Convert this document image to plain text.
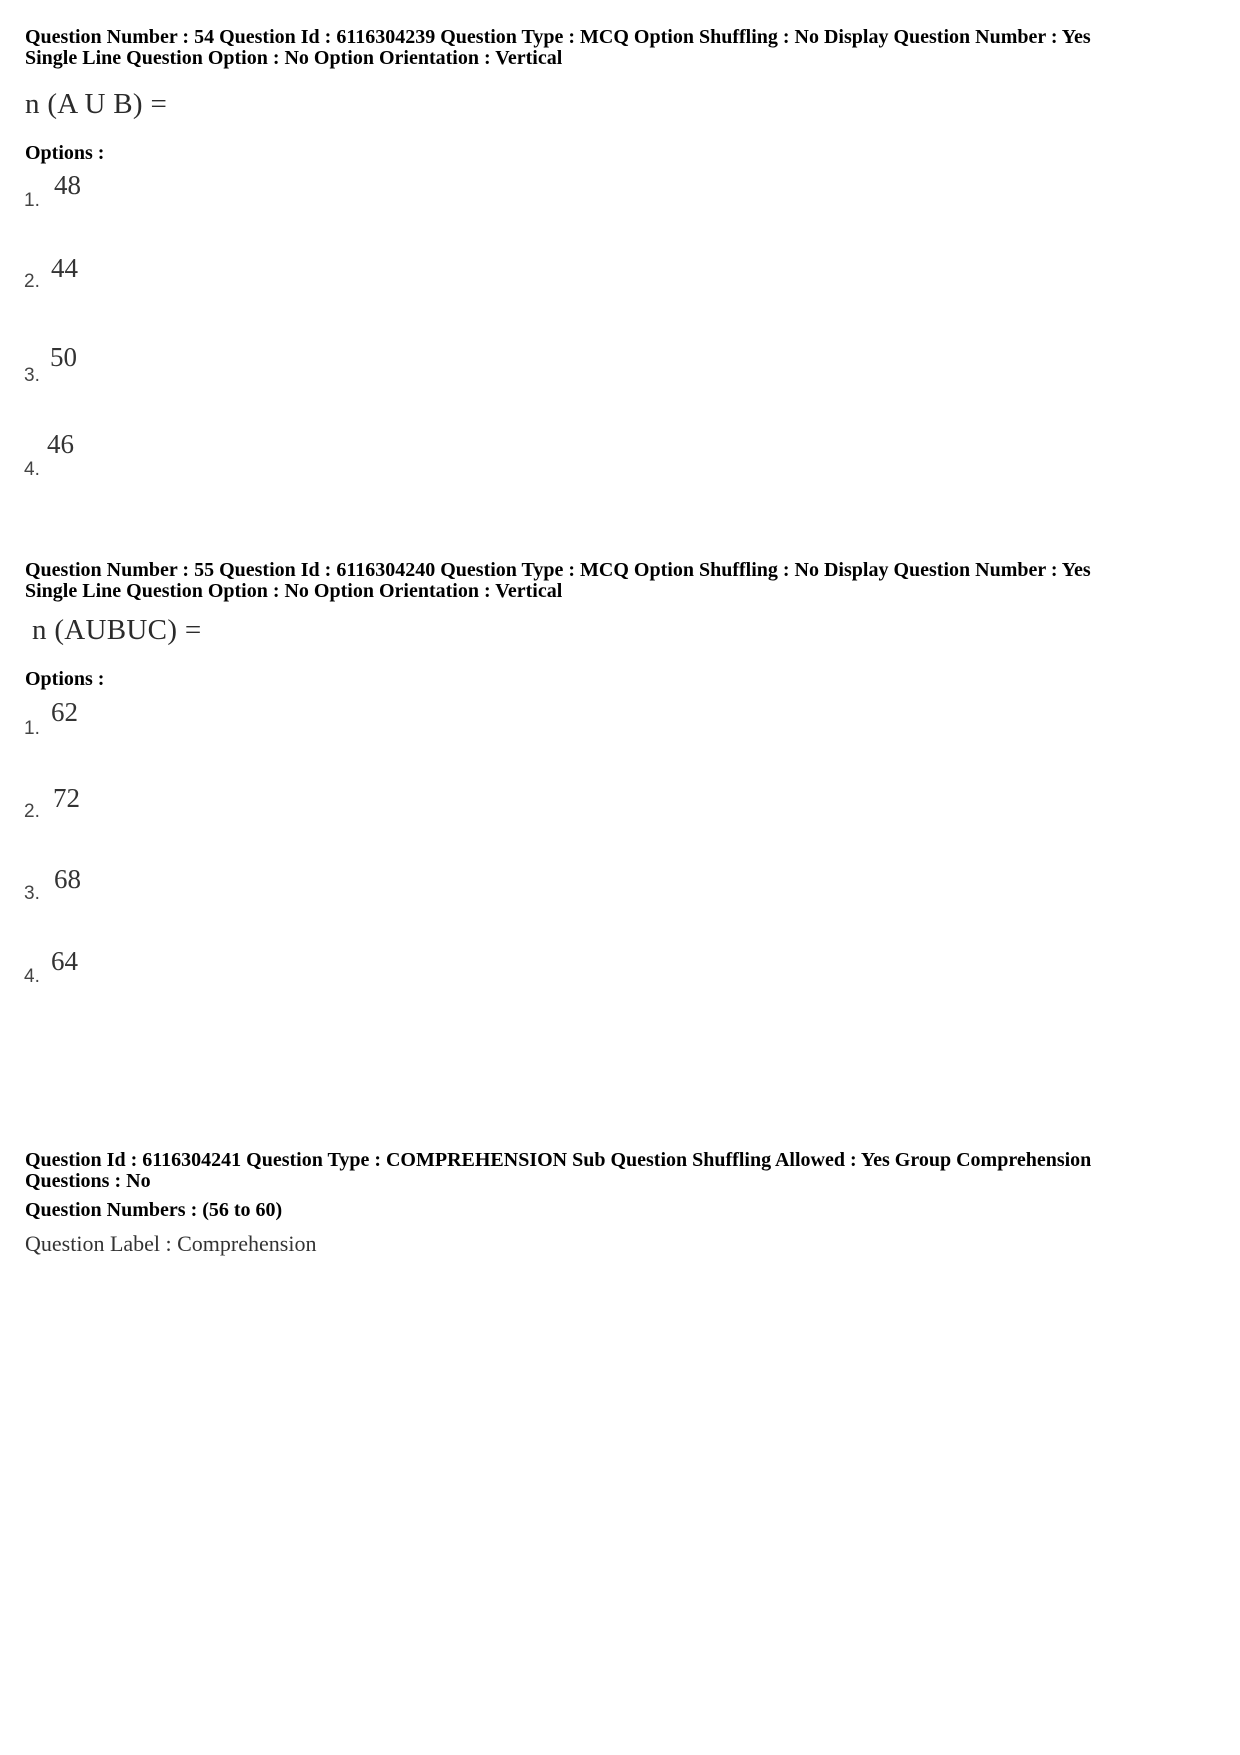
Question Number : 54 Question Id : 6116304239 Question Type : MCQ Option Shuffling : No Display Question Number : Yes
Single Line Question Option : No Option Orientation : Vertical
n (A U B) =
Options :
1.
48
2. 44
3.
50
4.
46
Question Number : 55 Question Id : 6116304240 Question Type : MCQ Option Shuffling : No Display Question Number : Yes
Single Line Question Option : No Option Orientation : Vertical
n (AUBUC) =
Options :
1.
62
2. 72
3. 68
4.
64
Question Id : 6116304241 Question Type : COMPREHENSION Sub Question Shuffling Allowed : Yes Group Comprehension
Questions : No
Question Numbers : (56 to 60)
Question Label : Comprehension
